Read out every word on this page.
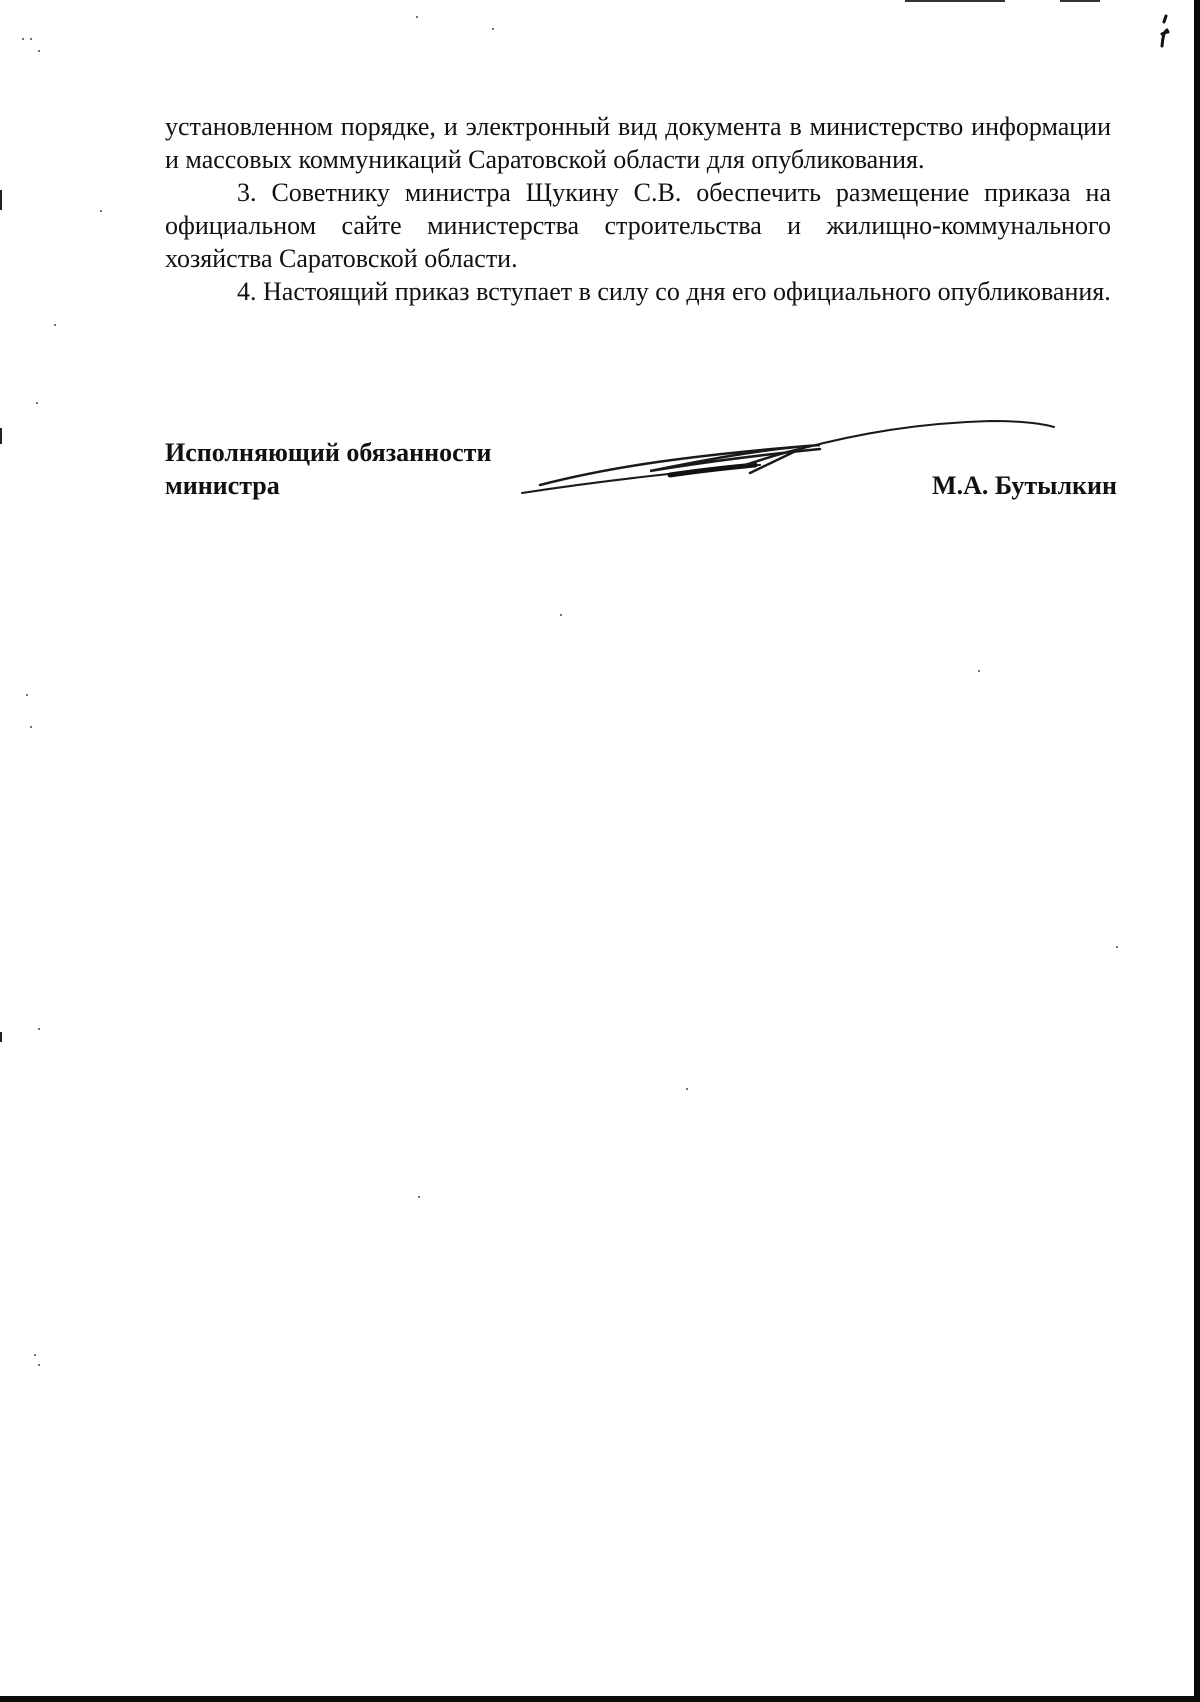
установленном порядке, и электронный вид документа в министерство информации и массовых коммуникаций Саратовской области для опубликования.

3. Советнику министра Щукину С.В. обеспечить размещение приказа на официальном сайте министерства строительства и жилищно-коммунального хозяйства Саратовской области.

4. Настоящий приказ вступает в силу со дня его официального опубликования.

Исполняющий обязанности
министра	М.А. Бутылкин
